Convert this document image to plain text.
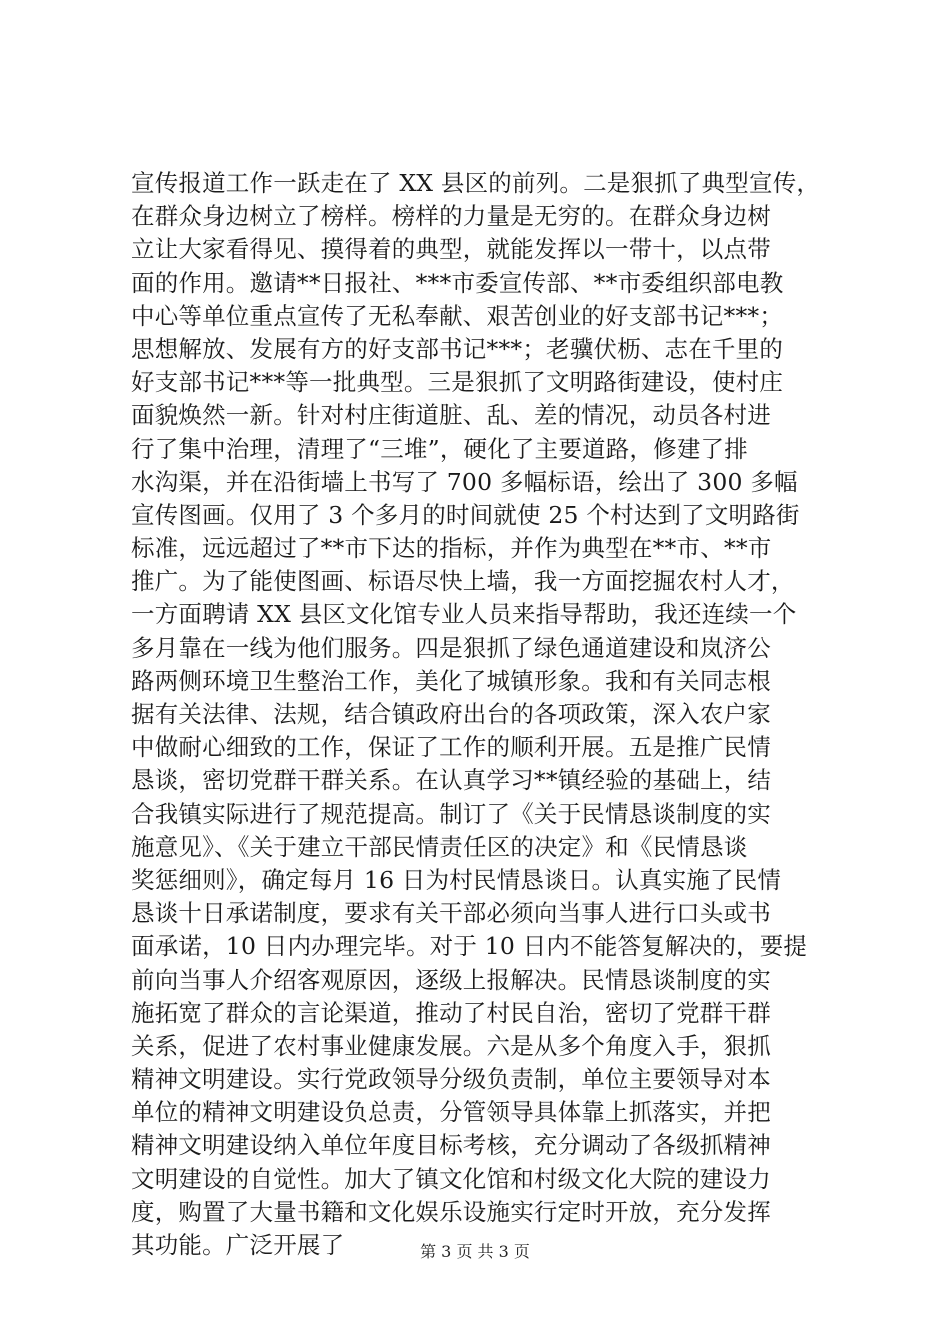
宣传报道工作一跃走在了 XX 县区的前列。二是狠抓了典型宣传，
在群众身边树立了榜样。榜样的力量是无穷的。在群众身边树
立让大家看得见、摸得着的典型，就能发挥以一带十，以点带
面的作用。邀请**日报社、***市委宣传部、**市委组织部电教
中心等单位重点宣传了无私奉献、艰苦创业的好支部书记***；
思想解放、发展有方的好支部书记***；老骥伏枥、志在千里的
好支部书记***等一批典型。三是狠抓了文明路街建设，使村庄
面貌焕然一新。针对村庄街道脏、乱、差的情况，动员各村进
行了集中治理，清理了“三堆”，硬化了主要道路，修建了排
水沟渠，并在沿街墙上书写了 700 多幅标语，绘出了 300 多幅
宣传图画。仅用了 3 个多月的时间就使 25 个村达到了文明路街
标准，远远超过了**市下达的指标，并作为典型在**市、**市
推广。为了能使图画、标语尽快上墙，我一方面挖掘农村人才，
一方面聘请 XX 县区文化馆专业人员来指导帮助，我还连续一个
多月靠在一线为他们服务。四是狠抓了绿色通道建设和岚济公
路两侧环境卫生整治工作，美化了城镇形象。我和有关同志根
据有关法律、法规，结合镇政府出台的各项政策，深入农户家
中做耐心细致的工作，保证了工作的顺利开展。五是推广民情
恳谈，密切党群干群关系。在认真学习**镇经验的基础上，结
合我镇实际进行了规范提高。制订了《关于民情恳谈制度的实
施意见》、《关于建立干部民情责任区的决定》和《民情恳谈
奖惩细则》，确定每月 16 日为村民情恳谈日。认真实施了民情
恳谈十日承诺制度，要求有关干部必须向当事人进行口头或书
面承诺，10 日内办理完毕。对于 10 日内不能答复解决的，要提
前向当事人介绍客观原因，逐级上报解决。民情恳谈制度的实
施拓宽了群众的言论渠道，推动了村民自治，密切了党群干群
关系，促进了农村事业健康发展。六是从多个角度入手，狠抓
精神文明建设。实行党政领导分级负责制，单位主要领导对本
单位的精神文明建设负总责，分管领导具体靠上抓落实，并把
精神文明建设纳入单位年度目标考核，充分调动了各级抓精神
文明建设的自觉性。加大了镇文化馆和村级文化大院的建设力
度，购置了大量书籍和文化娱乐设施实行定时开放，充分发挥
其功能。广泛开展了	第 3 页 共 3 页
